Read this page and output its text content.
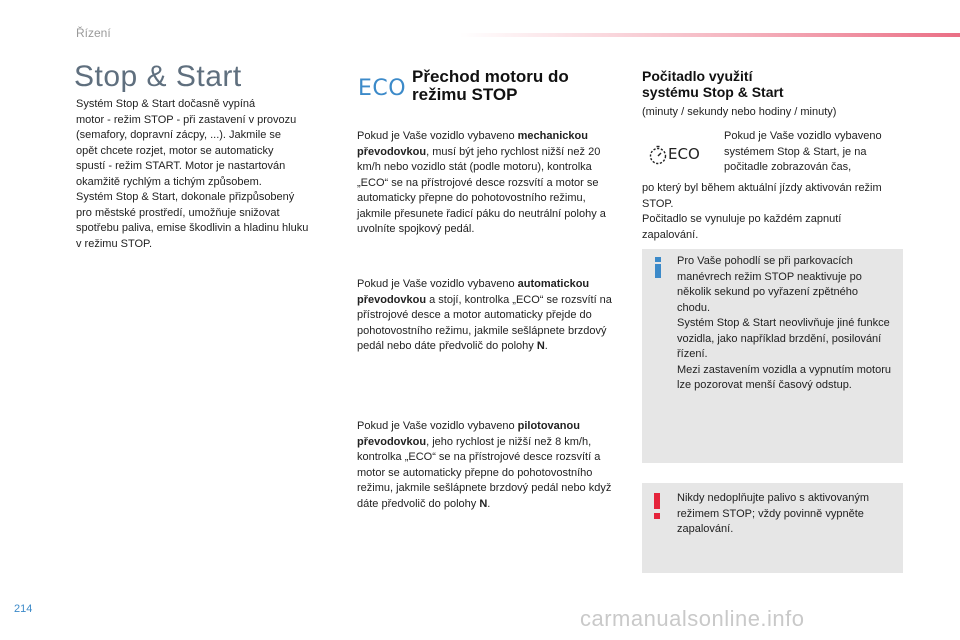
Řízení
Stop & Start
Systém Stop & Start dočasně vypíná
motor - režim STOP - při zastavení v provozu
(semafory, dopravní zácpy, ...). Jakmile se
opět chcete rozjet, motor se automaticky
spustí - režim START. Motor je nastartován
okamžitě rychlým a tichým způsobem.
Systém Stop & Start, dokonale přizpůsobený
pro městské prostředí, umožňuje snižovat
spotřebu paliva, emise škodlivin a hladinu hluku
v režimu STOP.
ECO Přechod motoru do
režimu STOP

Pokud je Vaše vozidlo vybaveno mechanickou převodovkou, musí být jeho rychlost nižší než 20 km/h nebo vozidlo stát (podle motoru), kontrolka „ECO“ se na přístrojové desce rozsvítí a motor se automaticky přepne do pohotovostního režimu, jakmile přesunete řadicí páku do neutrální polohy a uvolníte spojkový pedál.

Pokud je Vaše vozidlo vybaveno automatickou převodovkou a stojí, kontrolka „ECO“ se rozsvítí na přístrojové desce a motor automaticky přejde do pohotovostního režimu, jakmile sešlápnete brzdový pedál nebo dáte předvolič do polohy N.

Pokud je Vaše vozidlo vybaveno pilotovanou převodovkou, jeho rychlost je nižší než 8 km/h, kontrolka „ECO“ se na přístrojové desce rozsvítí a motor se automaticky přepne do pohotovostního režimu, jakmile sešlápnete brzdový pedál nebo když dáte předvolič do polohy N.

Počitadlo využití
systému Stop & Start
(minuty / sekundy nebo hodiny / minuty)
ECO

Pokud je Vaše vozidlo vybaveno systémem Stop & Start, je na počitadle zobrazován čas,

po který byl během aktuální jízdy aktivován režim STOP.

Počitadlo se vynuluje po každém zapnutí zapalování.

Pro Vaše pohodlí se při parkovacích manévrech režim STOP neaktivuje po několik sekund po vyřazení zpětného chodu.

Systém Stop & Start neovlivňuje jiné funkce vozidla, jako například brzdění, posilování řízení.

Mezi zastavením vozidla a vypnutím motoru lze pozorovat menší časový odstup.

Nikdy nedoplňujte palivo s aktivovaným režimem STOP; vždy povinně vypněte zapalování.

214	carmanualsonline.info
